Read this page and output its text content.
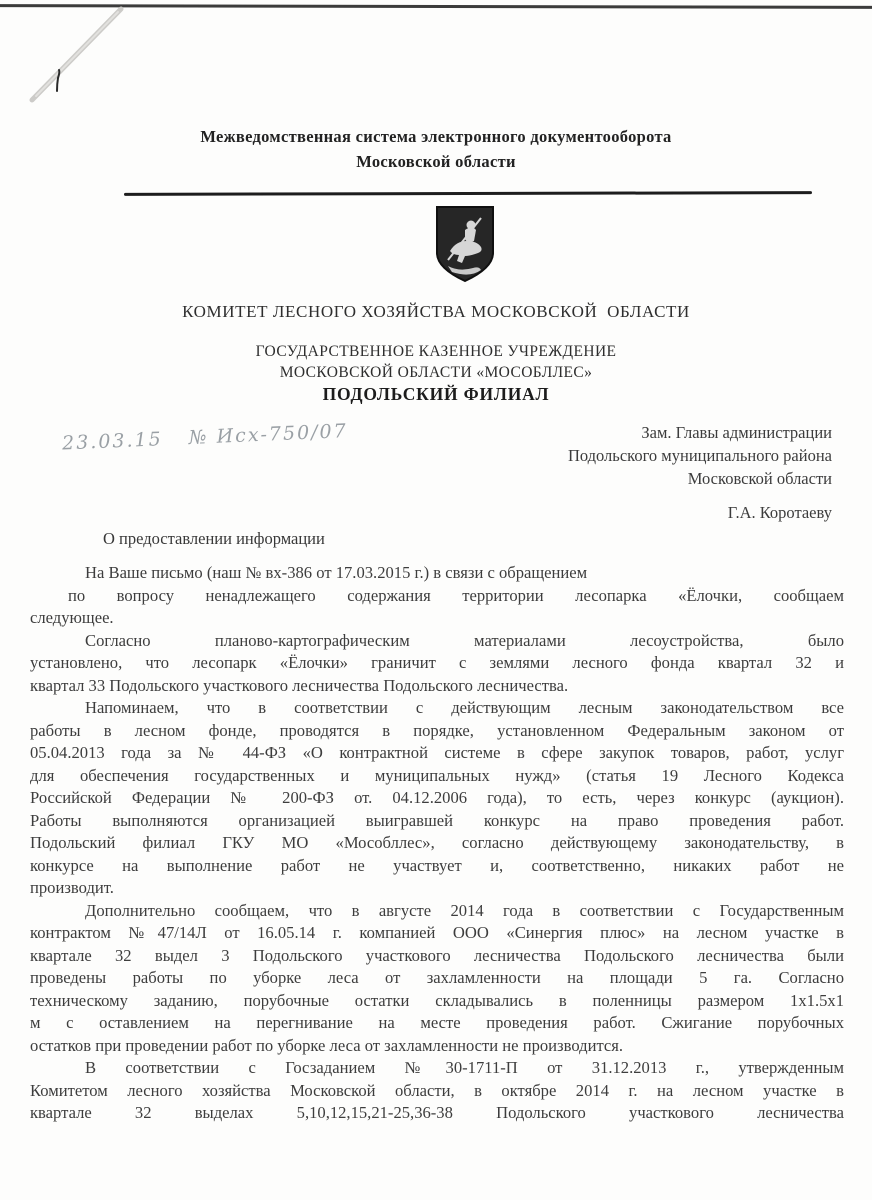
Межведомственная система электронного документооборота
Московской области
КОМИТЕТ ЛЕСНОГО ХОЗЯЙСТВА МОСКОВСКОЙ  ОБЛАСТИ
ГОСУДАРСТВЕННОЕ КАЗЕННОЕ УЧРЕЖДЕНИЕ
МОСКОВСКОЙ ОБЛАСТИ «МОСОБЛЛЕС»
ПОДОЛЬСКИЙ ФИЛИАЛ
23.03.15 № Исх-750/07	Зам. Главы администрации
Подольского муниципального района
Московской области
Г.А. Коротаеву
О предоставлении информации
На Ваше письмо (наш № вх-386 от 17.03.2015 г.) в связи с обращением
по вопросу ненадлежащего содержания территории лесопарка «Ёлочки, сообщаем
следующее.
Согласно планово-картографическим материалами лесоустройства, было
установлено, что лесопарк «Ёлочки» граничит с землями лесного фонда квартал 32 и
квартал 33 Подольского участкового лесничества Подольского лесничества.
Напоминаем, что в соответствии с действующим лесным законодательством все
работы в лесном фонде, проводятся в порядке, установленном Федеральным законом от
05.04.2013 года за № 44-ФЗ «О контрактной системе в сфере закупок товаров, работ, услуг
для обеспечения государственных и муниципальных нужд» (статья 19 Лесного Кодекса
Российской Федерации № 200-ФЗ от. 04.12.2006 года), то есть, через конкурс (аукцион).
Работы выполняются организацией выигравшей конкурс на право проведения работ.
Подольский филиал ГКУ МО «Мособллес», согласно действующему законодательству, в
конкурсе на выполнение работ не участвует и, соответственно, никаких работ не
производит.
Дополнительно сообщаем, что в августе 2014 года в соответствии с Государственным
контрактом №47/14Л от 16.05.14 г. компанией ООО «Синергия плюс» на лесном участке в
квартале 32 выдел 3 Подольского участкового лесничества Подольского лесничества были
проведены работы по уборке леса от захламленности на площади 5 га. Согласно
техническому заданию, порубочные остатки складывались в поленницы размером 1х1.5х1
м с оставлением на перегнивание на месте проведения работ. Сжигание порубочных
остатков при проведении работ по уборке леса от захламленности не производится.
В соответствии с Госзаданием №30-1711-П от 31.12.2013 г., утвержденным
Комитетом лесного хозяйства Московской области, в октябре 2014 г. на лесном участке в
квартале 32 выделах 5,10,12,15,21-25,36-38 Подольского участкового лесничества
